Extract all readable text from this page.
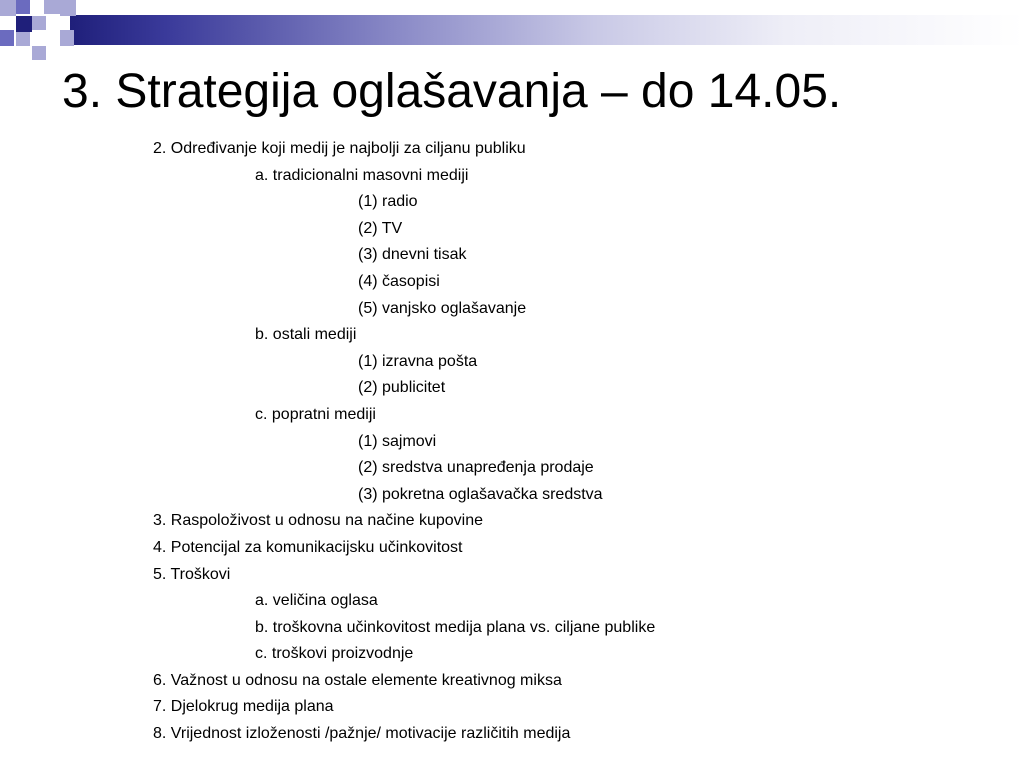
3. Strategija oglašavanja – do 14.05.
2. Određivanje koji medij je najbolji za ciljanu publiku
a. tradicionalni masovni mediji
(1) radio
(2) TV
(3) dnevni tisak
(4) časopisi
(5) vanjsko oglašavanje
b. ostali mediji
(1) izravna pošta
(2) publicitet
c. popratni mediji
(1) sajmovi
(2) sredstva unapređenja prodaje
(3) pokretna oglašavačka sredstva
3. Raspoloživost u odnosu na načine kupovine
4. Potencijal za komunikacijsku učinkovitost
5. Troškovi
a. veličina oglasa
b. troškovna učinkovitost medija plana vs. ciljane publike
c. troškovi proizvodnje
6. Važnost u odnosu na ostale elemente kreativnog miksa
7. Djelokrug medija plana
8. Vrijednost izloženosti /pažnje/ motivacije različitih medija
